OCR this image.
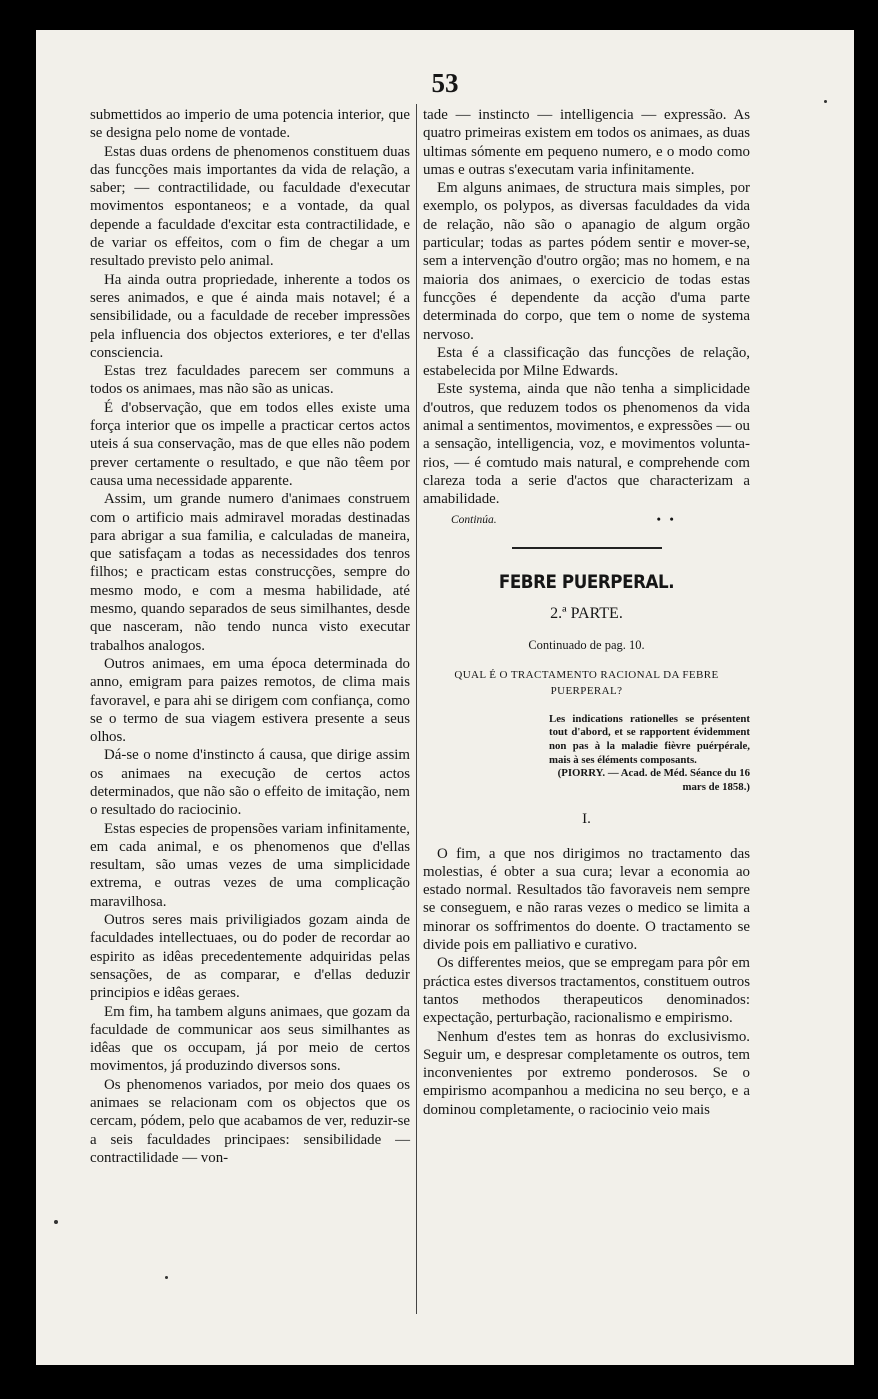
53

submettidos ao imperio de uma potencia interior, que se designa pelo nome de vontade.

Estas duas ordens de phenomenos constituem duas das funcções mais importantes da vida de relação, a saber; — contractilidade, ou faculdade d'executar movimentos espontaneos; e a vontade, da qual depende a faculdade d'excitar esta contractilidade, e de variar os effeitos, com o fim de chegar a um resultado previsto pelo animal.

Ha ainda outra propriedade, inherente a todos os seres animados, e que é ainda mais notavel; é a sensibilidade, ou a faculdade de receber impressões pela influencia dos objectos exteriores, e ter d'ellas consciencia.

Estas trez faculdades parecem ser communs a todos os animaes, mas não são as unicas.

É d'observação, que em todos elles existe uma força interior que os impelle a practicar certos actos uteis á sua conservação, mas de que elles não podem prever certamente o resultado, e que não têem por causa uma necessidade apparente.

Assim, um grande numero d'animaes construem com o artificio mais admiravel moradas destinadas para abrigar a sua familia, e calculadas de maneira, que satisfaçam a todas as necessidades dos tenros filhos; e practicam estas construcções, sempre do mesmo modo, e com a mesma habilidade, até mesmo, quando separados de seus similhantes, desde que nasceram, não tendo nunca visto executar trabalhos analogos.

Outros animaes, em uma época determinada do anno, emigram para paizes remotos, de clima mais favoravel, e para ahi se dirigem com confiança, como se o termo de sua viagem estivera presente a seus olhos.

Dá-se o nome d'instincto á causa, que dirige assim os animaes na execução de certos actos determinados, que não são o effeito de imitação, nem o resultado do raciocinio.

Estas especies de propensões variam infinitamente, em cada animal, e os phenomenos que d'ellas resultam, são umas vezes de uma simplicidade extrema, e outras vezes de uma complicação maravilhosa.

Outros seres mais priviligiados gozam ainda de faculdades intellectuaes, ou do poder de recordar ao espirito as idêas precedentemente adquiridas pelas sensações, de as comparar, e d'ellas deduzir principios e idêas geraes.

Em fim, ha tambem alguns animaes, que gozam da faculdade de communicar aos seus similhantes as idêas que os occupam, já por meio de certos movimentos, já produzindo diversos sons.

Os phenomenos variados, por meio dos quaes os animaes se relacionam com os objectos que os cercam, pódem, pelo que acabamos de ver, reduzir-se a seis faculdades principaes: sensibilidade — contractilidade — von-

tade — instincto — intelligencia — expressão. As quatro primeiras existem em todos os animaes, as duas ultimas sómente em pequeno numero, e o modo como umas e outras s'executam varia infinitamente.

Em alguns animaes, de structura mais simples, por exemplo, os polypos, as diversas faculdades da vida de relação, não são o apanagio de algum orgão particular; todas as partes pódem sentir e mover-se, sem a intervenção d'outro orgão; mas no homem, e na maioria dos animaes, o exercicio de todas estas funcções é dependente da acção d'uma parte determinada do corpo, que tem o nome de systema nervoso.

Esta é a classificação das funcções de relação, estabelecida por Milne Edwards.

Este systema, ainda que não tenha a simplicidade d'outros, que reduzem todos os phenomenos da vida animal a sentimentos, movimentos, e expressões — ou a sensação, intelligencia, voz, e movimentos voluntarios, — é comtudo mais natural, e comprehende com clareza toda a serie d'actos que characterizam a amabilidade.

Continúa.	• •
FEBRE PUERPERAL.
2.ª PARTE.
Continuado de pag. 10.
QUAL É O TRACTAMENTO RACIONAL DA FEBRE PUERPERAL?
Les indications rationelles se présentent tout d'abord, et se rapportent évidemment non pas à la maladie fièvre puérpérale, mais à ses éléments composants.
(PIORRY. — Acad. de Méd. Séance du 16 mars de 1858.)
I.

O fim, a que nos dirigimos no tractamento das molestias, é obter a sua cura; levar a economia ao estado normal. Resultados tão favoraveis nem sempre se conseguem, e não raras vezes o medico se limita a minorar os soffrimentos do doente. O tractamento se divide pois em palliativo e curativo.

Os differentes meios, que se empregam para pôr em práctica estes diversos tractamentos, constituem outros tantos methodos therapeuticos denominados: expectação, perturbação, racionalismo e empirismo.

Nenhum d'estes tem as honras do exclusivismo. Seguir um, e despresar completamente os outros, tem inconvenientes por extremo ponderosos. Se o empirismo acompanhou a medicina no seu berço, e a dominou completamente, o raciocinio veio mais
